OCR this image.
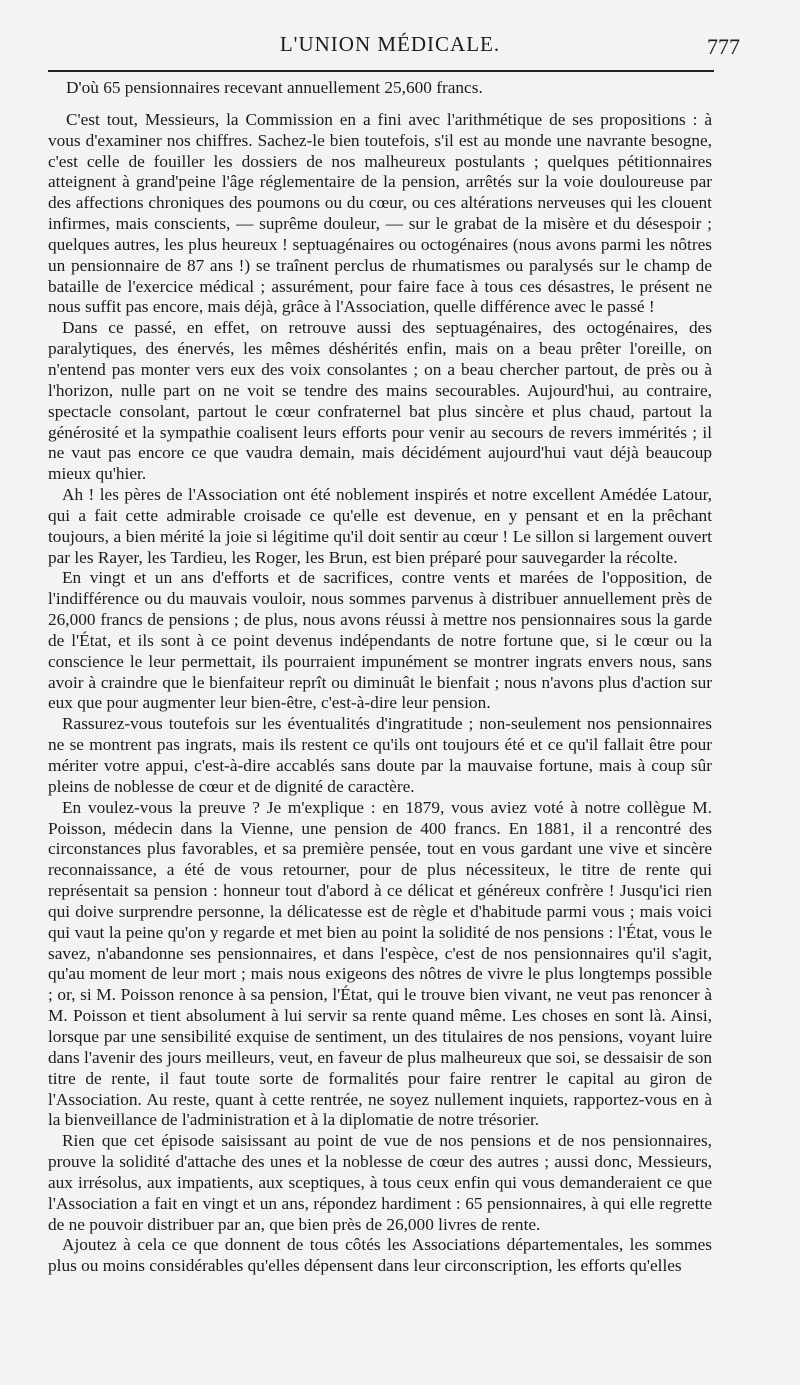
L'UNION MÉDICALE.	777

D'où 65 pensionnaires recevant annuellement 25,600 francs.

C'est tout, Messieurs, la Commission en a fini avec l'arithmétique de ses propositions : à vous d'examiner nos chiffres. Sachez-le bien toutefois, s'il est au monde une navrante besogne, c'est celle de fouiller les dossiers de nos malheureux postulants ; quelques pétitionnaires atteignent à grand'peine l'âge réglementaire de la pension, arrêtés sur la voie douloureuse par des affections chroniques des poumons ou du cœur, ou ces altérations nerveuses qui les clouent infirmes, mais conscients, — suprême douleur, — sur le grabat de la misère et du désespoir ; quelques autres, les plus heureux ! septuagénaires ou octogénaires (nous avons parmi les nôtres un pensionnaire de 87 ans !) se traînent perclus de rhumatismes ou paralysés sur le champ de bataille de l'exercice médical ; assurément, pour faire face à tous ces désastres, le présent ne nous suffit pas encore, mais déjà, grâce à l'Association, quelle différence avec le passé !

Dans ce passé, en effet, on retrouve aussi des septuagénaires, des octogénaires, des paralytiques, des énervés, les mêmes déshérités enfin, mais on a beau prêter l'oreille, on n'entend pas monter vers eux des voix consolantes ; on a beau chercher partout, de près ou à l'horizon, nulle part on ne voit se tendre des mains secourables. Aujourd'hui, au contraire, spectacle consolant, partout le cœur confraternel bat plus sincère et plus chaud, partout la générosité et la sympathie coalisent leurs efforts pour venir au secours de revers immérités ; il ne vaut pas encore ce que vaudra demain, mais décidément aujourd'hui vaut déjà beaucoup mieux qu'hier.

Ah ! les pères de l'Association ont été noblement inspirés et notre excellent Amédée Latour, qui a fait cette admirable croisade ce qu'elle est devenue, en y pensant et en la prêchant toujours, a bien mérité la joie si légitime qu'il doit sentir au cœur ! Le sillon si largement ouvert par les Rayer, les Tardieu, les Roger, les Brun, est bien préparé pour sauvegarder la récolte.

En vingt et un ans d'efforts et de sacrifices, contre vents et marées de l'opposition, de l'indifférence ou du mauvais vouloir, nous sommes parvenus à distribuer annuellement près de 26,000 francs de pensions ; de plus, nous avons réussi à mettre nos pensionnaires sous la garde de l'État, et ils sont à ce point devenus indépendants de notre fortune que, si le cœur ou la conscience le leur permettait, ils pourraient impunément se montrer ingrats envers nous, sans avoir à craindre que le bienfaiteur reprît ou diminuât le bienfait ; nous n'avons plus d'action sur eux que pour augmenter leur bien-être, c'est-à-dire leur pension.

Rassurez-vous toutefois sur les éventualités d'ingratitude ; non-seulement nos pensionnaires ne se montrent pas ingrats, mais ils restent ce qu'ils ont toujours été et ce qu'il fallait être pour mériter votre appui, c'est-à-dire accablés sans doute par la mauvaise fortune, mais à coup sûr pleins de noblesse de cœur et de dignité de caractère.

En voulez-vous la preuve ? Je m'explique : en 1879, vous aviez voté à notre collègue M. Poisson, médecin dans la Vienne, une pension de 400 francs. En 1881, il a rencontré des circonstances plus favorables, et sa première pensée, tout en vous gardant une vive et sincère reconnaissance, a été de vous retourner, pour de plus nécessiteux, le titre de rente qui représentait sa pension : honneur tout d'abord à ce délicat et généreux confrère ! Jusqu'ici rien qui doive surprendre personne, la délicatesse est de règle et d'habitude parmi vous ; mais voici qui vaut la peine qu'on y regarde et met bien au point la solidité de nos pensions : l'État, vous le savez, n'abandonne ses pensionnaires, et dans l'espèce, c'est de nos pensionnaires qu'il s'agit, qu'au moment de leur mort ; mais nous exigeons des nôtres de vivre le plus longtemps possible ; or, si M. Poisson renonce à sa pension, l'État, qui le trouve bien vivant, ne veut pas renoncer à M. Poisson et tient absolument à lui servir sa rente quand même. Les choses en sont là. Ainsi, lorsque par une sensibilité exquise de sentiment, un des titulaires de nos pensions, voyant luire dans l'avenir des jours meilleurs, veut, en faveur de plus malheureux que soi, se dessaisir de son titre de rente, il faut toute sorte de formalités pour faire rentrer le capital au giron de l'Association. Au reste, quant à cette rentrée, ne soyez nullement inquiets, rapportez-vous en à la bienveillance de l'administration et à la diplomatie de notre trésorier.

Rien que cet épisode saisissant au point de vue de nos pensions et de nos pensionnaires, prouve la solidité d'attache des unes et la noblesse de cœur des autres ; aussi donc, Messieurs, aux irrésolus, aux impatients, aux sceptiques, à tous ceux enfin qui vous demanderaient ce que l'Association a fait en vingt et un ans, répondez hardiment : 65 pensionnaires, à qui elle regrette de ne pouvoir distribuer par an, que bien près de 26,000 livres de rente.

Ajoutez à cela ce que donnent de tous côtés les Associations départementales, les sommes plus ou moins considérables qu'elles dépensent dans leur circonscription, les efforts qu'elles
